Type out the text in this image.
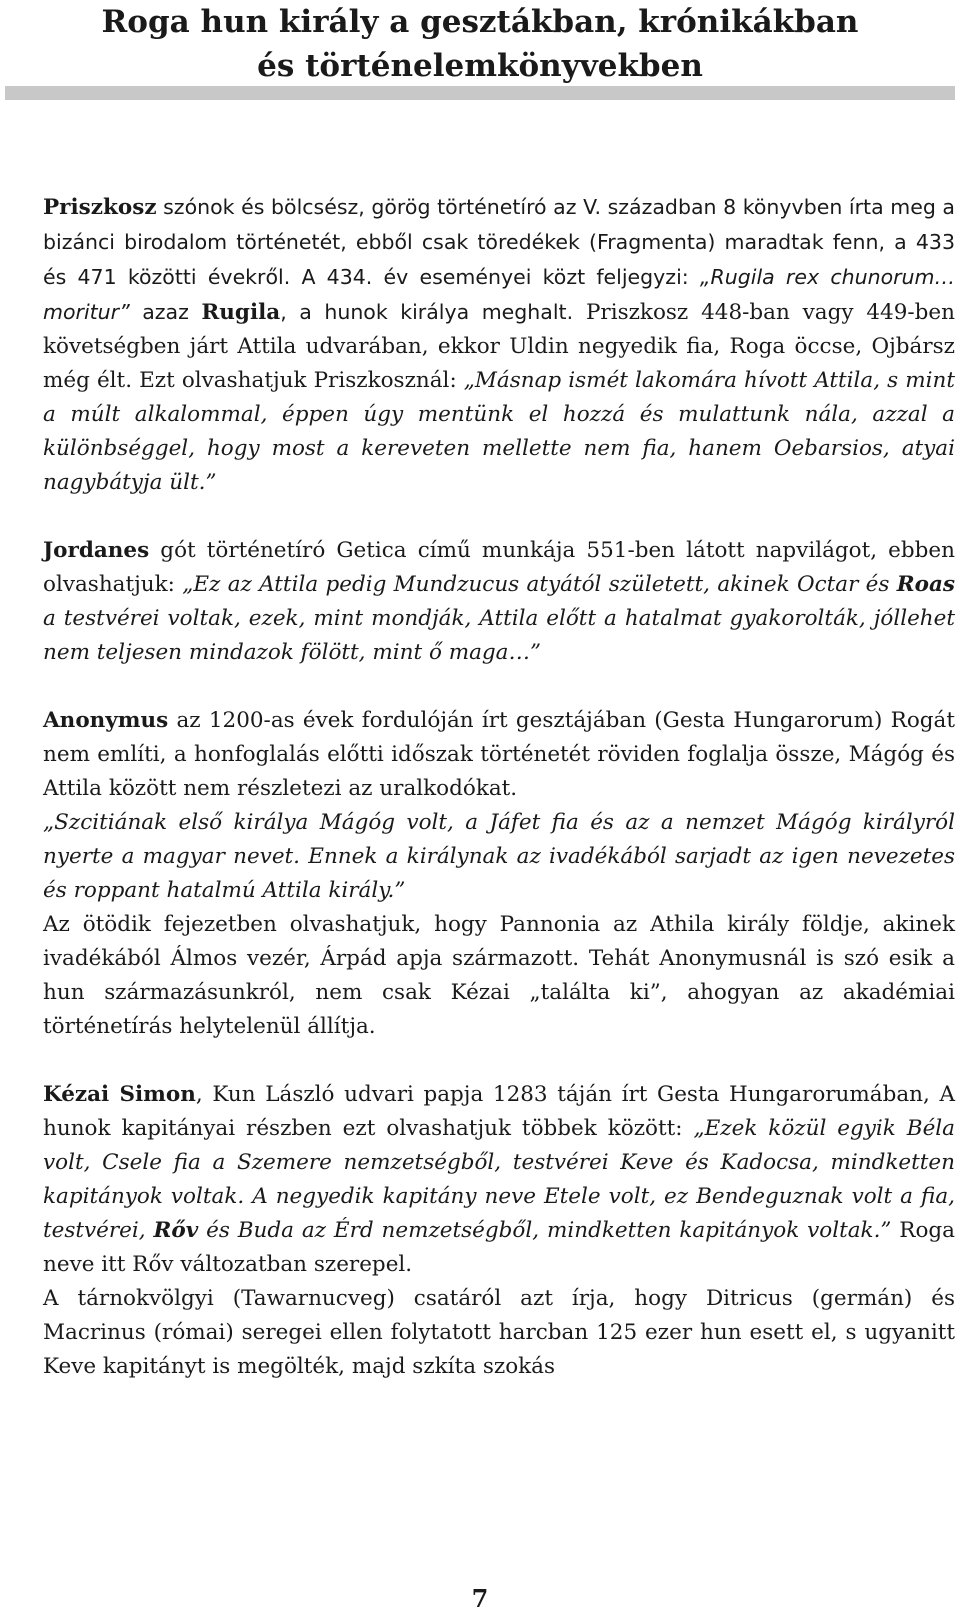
Roga hun király a gesztákban, krónikákban
és történelemkönyvekben

Priszkosz szónok és bölcsész, görög történetíró az V. században 8 könyvben írta meg a bizánci birodalom történetét, ebből csak töredékek (Fragmenta) maradtak fenn, a 433 és 471 közötti évekről. A 434. év eseményei közt feljegyzi: „Rugila rex chunorum…moritur” azaz Rugila, a hunok királya meghalt. Priszkosz 448-ban vagy 449-ben követségben járt Attila udvarában, ekkor Uldin negyedik fia, Roga öccse, Ojbársz még élt. Ezt olvashatjuk Priszkosznál: „Másnap ismét lakomára hívott Attila, s mint a múlt alkalommal, éppen úgy mentünk el hozzá és mulattunk nála, azzal a különbséggel, hogy most a kereveten mellette nem fia, hanem Oebarsios, atyai nagybátyja ült.”

Jordanes gót történetíró Getica című munkája 551-ben látott napvilágot, ebben olvashatjuk: „Ez az Attila pedig Mundzucus atyától született, akinek Octar és Roas a testvérei voltak, ezek, mint mondják, Attila előtt a hatalmat gyakorolták, jóllehet nem teljesen mindazok fölött, mint ő maga…”

Anonymus az 1200-as évek fordulóján írt gesztájában (Gesta Hungarorum) Rogát nem említi, a honfoglalás előtti időszak történetét röviden foglalja össze, Mágóg és Attila között nem részletezi az uralkodókat.

„Szcitiának első királya Mágóg volt, a Jáfet fia és az a nemzet Mágóg királyról nyerte a magyar nevet. Ennek a királynak az ivadékából sarjadt az igen nevezetes és roppant hatalmú Attila király.”

Az ötödik fejezetben olvashatjuk, hogy Pannonia az Athila király földje, akinek ivadékából Álmos vezér, Árpád apja származott. Tehát Anonymusnál is szó esik a hun származásunkról, nem csak Kézai „találta ki”, ahogyan az akadémiai történetírás helytelenül állítja.

Kézai Simon, Kun László udvari papja 1283 táján írt Gesta Hungarorumában, A hunok kapitányai részben ezt olvashatjuk többek között: „Ezek közül egyik Béla volt, Csele fia a Szemere nemzetségből, testvérei Keve és Kadocsa, mindketten kapitányok voltak. A negyedik kapitány neve Etele volt, ez Bendeguznak volt a fia, testvérei, Rőv és Buda az Érd nemzetségből, mindketten kapitányok voltak.” Roga neve itt Rőv változatban szerepel.

A tárnokvölgyi (Tawarnucveg) csatáról azt írja, hogy Ditricus (germán) és Macrinus (római) seregei ellen folytatott harcban 125 ezer hun esett el, s ugyanitt Keve kapitányt is megölték, majd szkíta szokás

7
